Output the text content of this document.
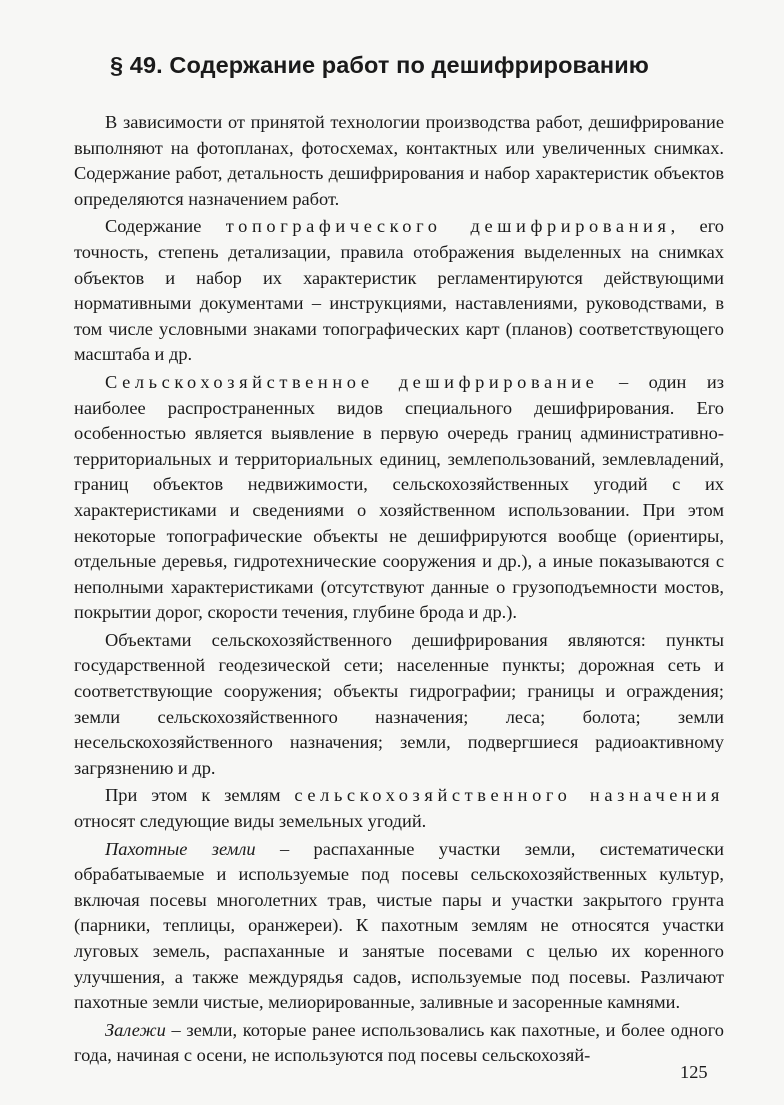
§ 49. Содержание работ по дешифрированию

В зависимости от принятой технологии производства работ, дешифрирование выполняют на фотопланах, фотосхемах, контактных или увеличенных снимках. Содержание работ, детальность дешифрирования и набор характеристик объектов определяются назначением работ.

Содержание топографического дешифрирования, его точность, степень детализации, правила отображения выделенных на снимках объектов и набор их характеристик регламентируются действующими нормативными документами – инструкциями, наставлениями, руководствами, в том числе условными знаками топографических карт (планов) соответствующего масштаба и др.

Сельскохозяйственное дешифрирование – один из наиболее распространенных видов специального дешифрирования. Его особенностью является выявление в первую очередь границ административно-территориальных и территориальных единиц, землепользований, землевладений, границ объектов недвижимости, сельскохозяйственных угодий с их характеристиками и сведениями о хозяйственном использовании. При этом некоторые топографические объекты не дешифрируются вообще (ориентиры, отдельные деревья, гидротехнические сооружения и др.), а иные показываются с неполными характеристиками (отсутствуют данные о грузоподъемности мостов, покрытии дорог, скорости течения, глубине брода и др.).

Объектами сельскохозяйственного дешифрирования являются: пункты государственной геодезической сети; населенные пункты; дорожная сеть и соответствующие сооружения; объекты гидрографии; границы и ограждения; земли сельскохозяйственного назначения; леса; болота; земли несельскохозяйственного назначения; земли, подвергшиеся радиоактивному загрязнению и др.

При этом к землям сельскохозяйственного назначения относят следующие виды земельных угодий.

Пахотные земли – распаханные участки земли, систематически обрабатываемые и используемые под посевы сельскохозяйственных культур, включая посевы многолетних трав, чистые пары и участки закрытого грунта (парники, теплицы, оранжереи). К пахотным землям не относятся участки луговых земель, распаханные и занятые посевами с целью их коренного улучшения, а также междурядья садов, используемые под посевы. Различают пахотные земли чистые, мелиорированные, заливные и засоренные камнями.

Залежи – земли, которые ранее использовались как пахотные, и более одного года, начиная с осени, не используются под посевы сельскохозяй-

125
